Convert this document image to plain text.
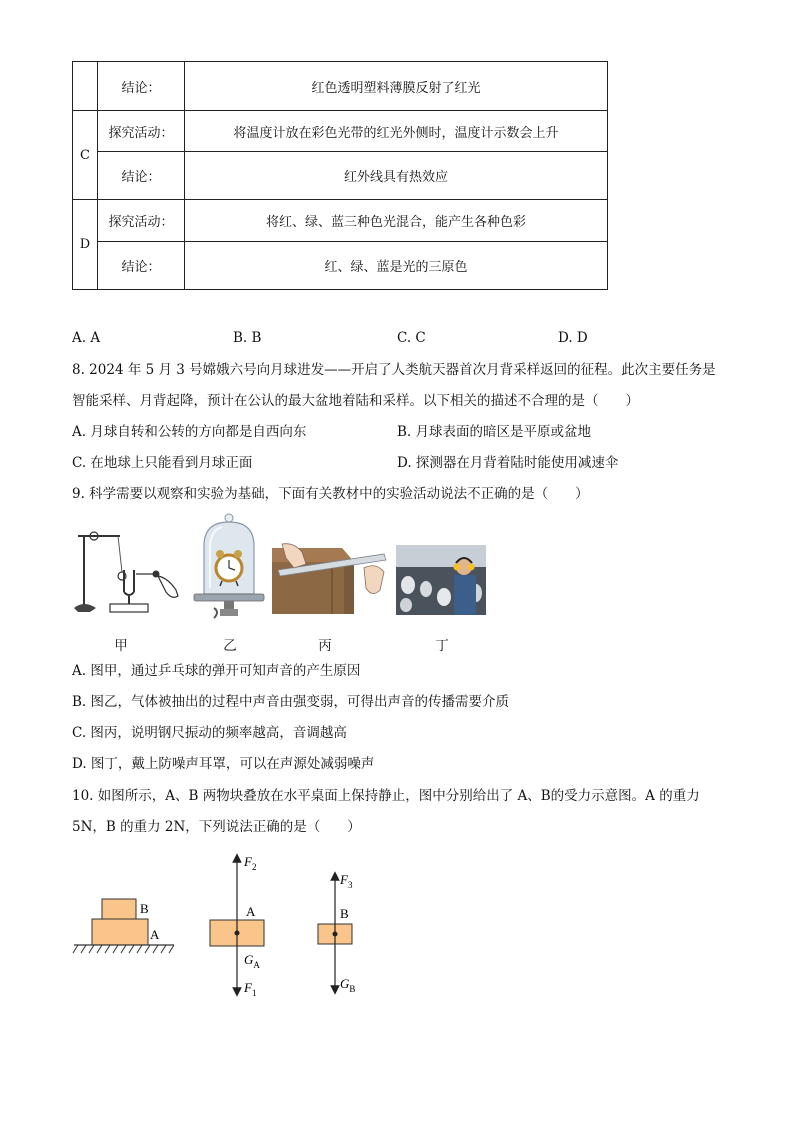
	结论：	红色透明塑料薄膜反射了红光
C	探究活动：	将温度计放在彩色光带的红光外侧时，温度计示数会上升
	结论：	红外线具有热效应
D	探究活动：	将红、绿、蓝三种色光混合，能产生各种色彩
	结论：	红、绿、蓝是光的三原色
A. A	B. B	C. C	D. D
8. 2024 年 5 月 3 号嫦娥六号向月球进发——开启了人类航天器首次月背采样返回的征程。此次主要任务是
智能采样、月背起降，预计在公认的最大盆地着陆和采样。以下相关的描述不合理的是（　　）
A. 月球自转和公转的方向都是自西向东	B. 月球表面的暗区是平原或盆地
C. 在地球上只能看到月球正面	D. 探测器在月背着陆时能使用减速伞
9. 科学需要以观察和实验为基础，下面有关教材中的实验活动说法不正确的是（　　）
甲	乙	丙	丁
A. 图甲，通过乒乓球的弹开可知声音的产生原因
B. 图乙，气体被抽出的过程中声音由强变弱，可得出声音的传播需要介质
C. 图丙，说明钢尺振动的频率越高，音调越高
D. 图丁，戴上防噪声耳罩，可以在声源处减弱噪声
10. 如图所示，A、B 两物块叠放在水平桌面上保持静止，图中分别给出了 A、B的受力示意图。A 的重力
5N，B 的重力 2N，下列说法正确的是（　　）
B
A
$F_2$
A
$G_A$
$F_1$
$F_3$
B
$G_B$
